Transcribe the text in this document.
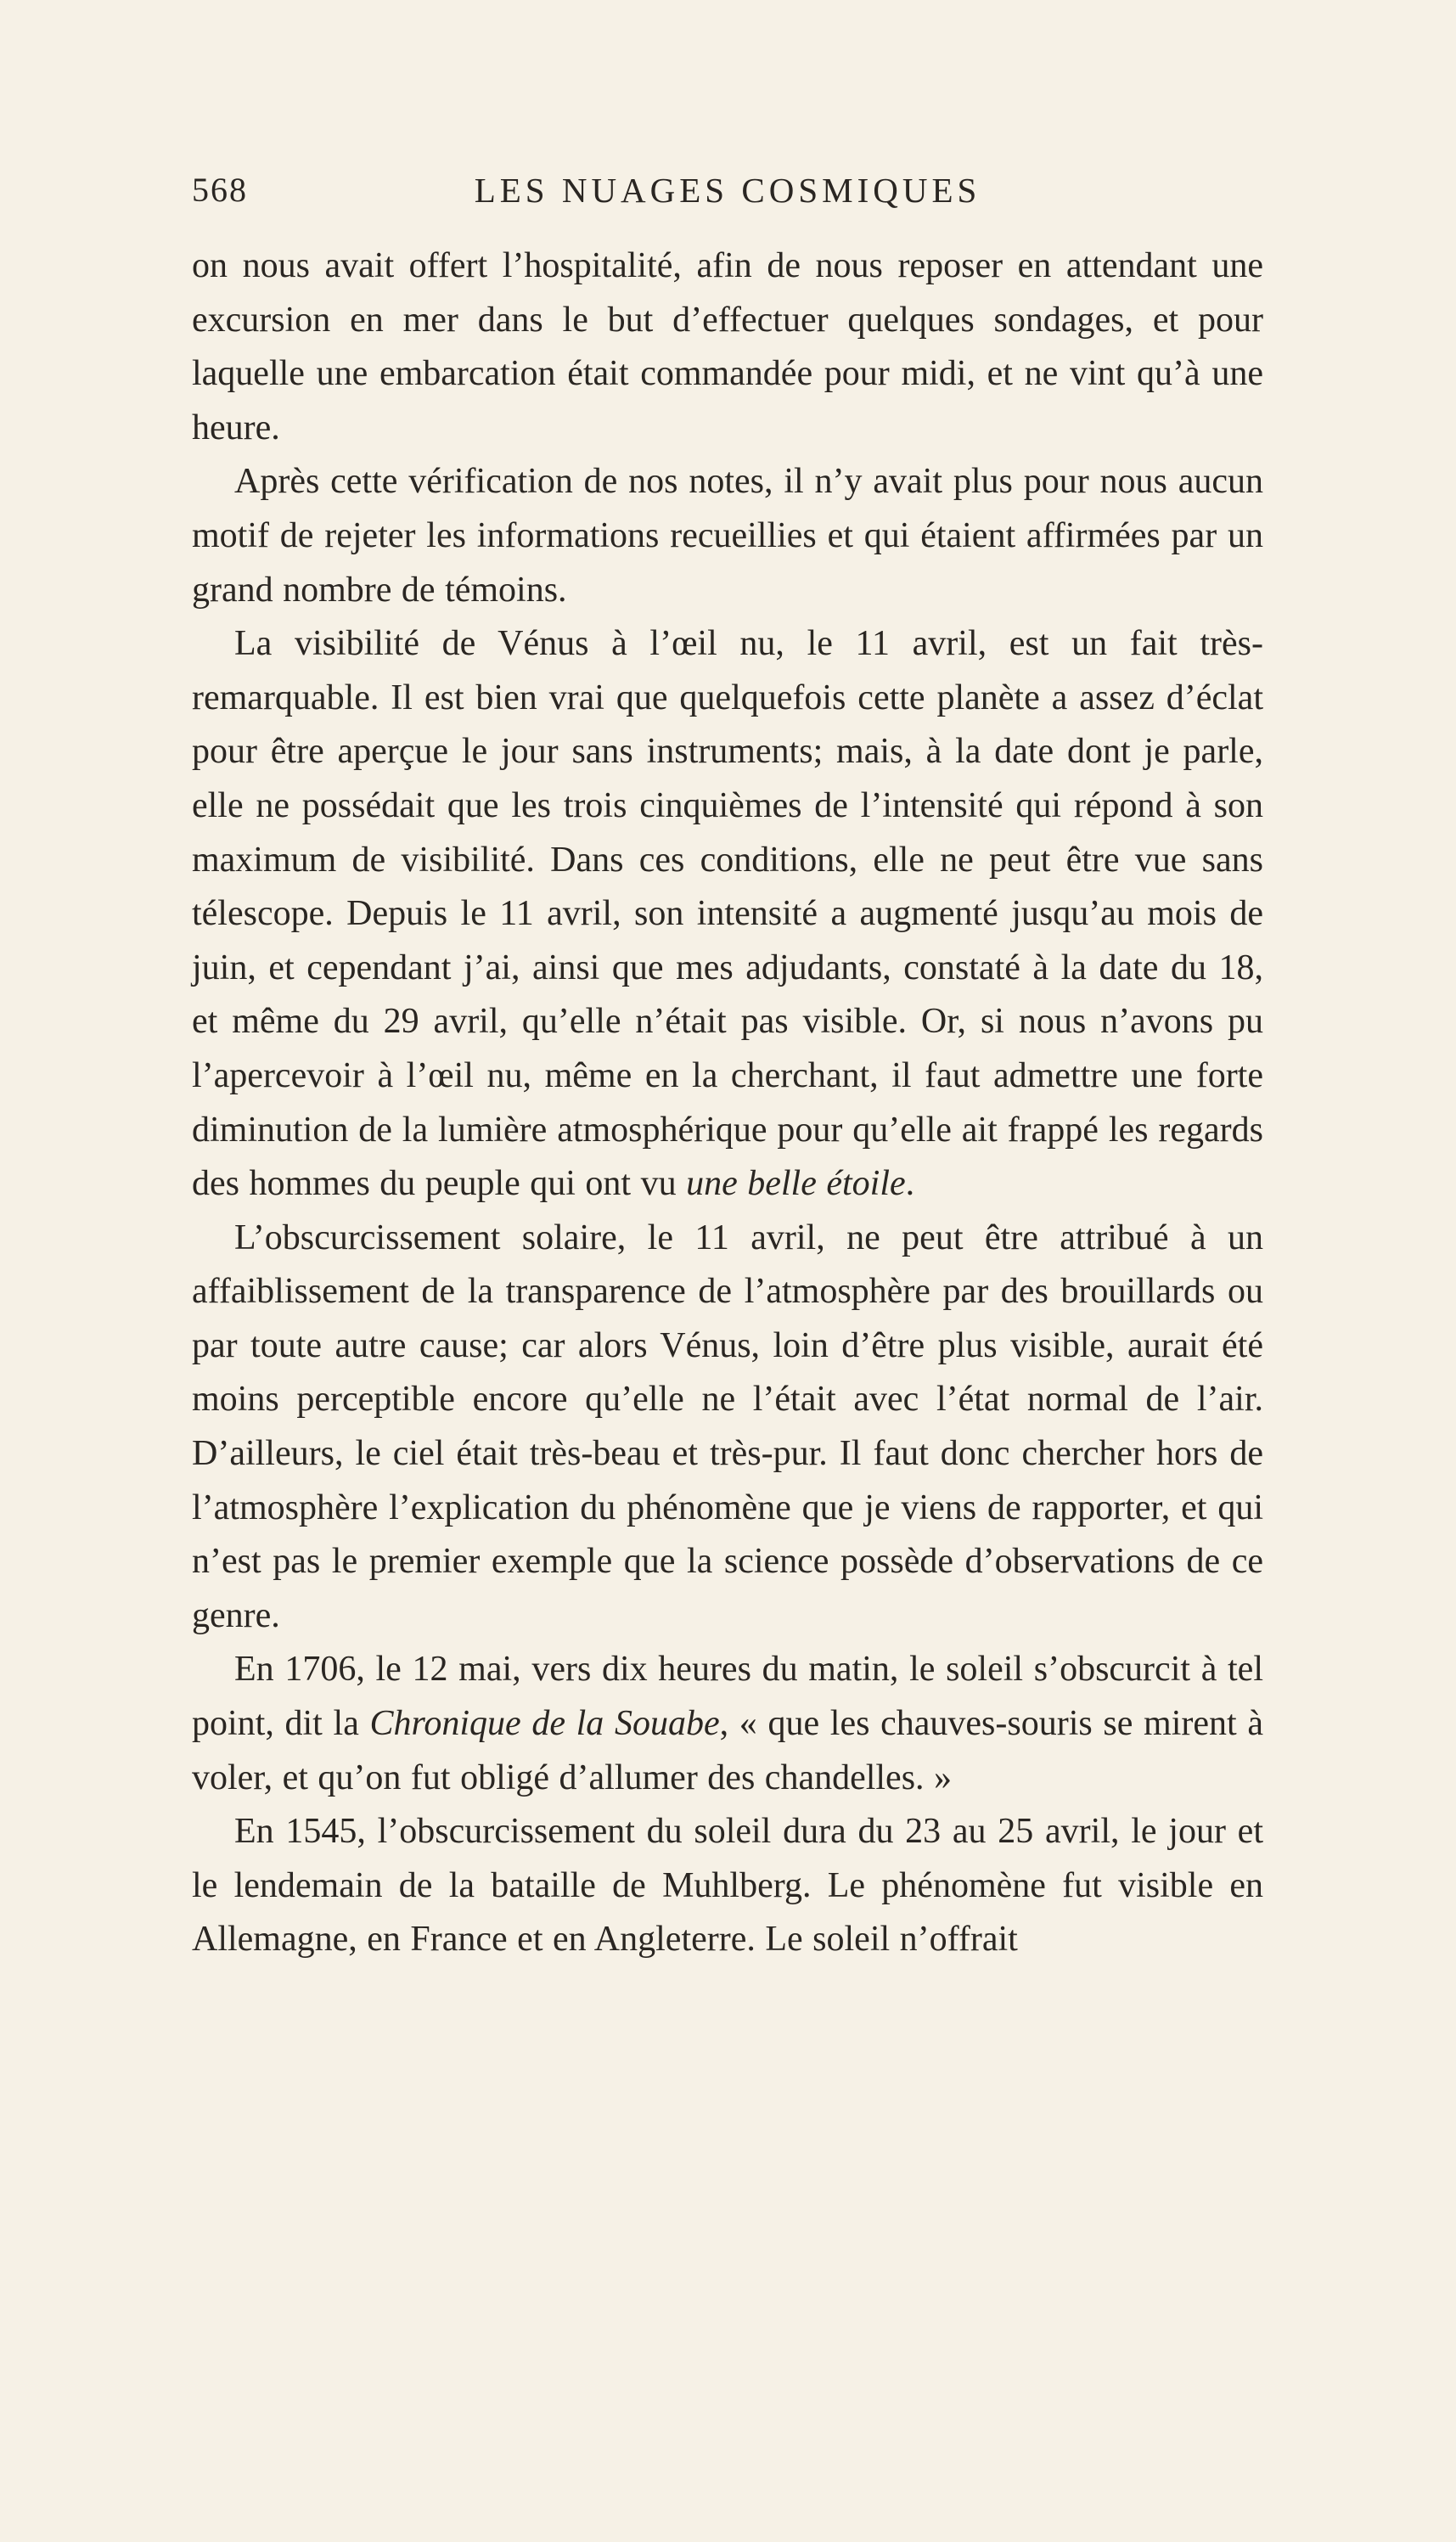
568	LES NUAGES COSMIQUES

on nous avait offert l’hospitalité, afin de nous reposer en attendant une excursion en mer dans le but d’effectuer quelques sondages, et pour laquelle une embarcation était commandée pour midi, et ne vint qu’à une heure.

Après cette vérification de nos notes, il n’y avait plus pour nous aucun motif de rejeter les informations recueillies et qui étaient affirmées par un grand nombre de témoins.

La visibilité de Vénus à l’œil nu, le 11 avril, est un fait très-remarquable. Il est bien vrai que quelquefois cette planète a assez d’éclat pour être aperçue le jour sans instruments; mais, à la date dont je parle, elle ne possédait que les trois cinquièmes de l’intensité qui répond à son maximum de visibilité. Dans ces conditions, elle ne peut être vue sans télescope. Depuis le 11 avril, son intensité a augmenté jusqu’au mois de juin, et cependant j’ai, ainsi que mes adjudants, constaté à la date du 18, et même du 29 avril, qu’elle n’était pas visible. Or, si nous n’avons pu l’apercevoir à l’œil nu, même en la cherchant, il faut admettre une forte diminution de la lumière atmosphérique pour qu’elle ait frappé les regards des hommes du peuple qui ont vu une belle étoile.

L’obscurcissement solaire, le 11 avril, ne peut être attribué à un affaiblissement de la transparence de l’atmosphère par des brouillards ou par toute autre cause; car alors Vénus, loin d’être plus visible, aurait été moins perceptible encore qu’elle ne l’était avec l’état normal de l’air. D’ailleurs, le ciel était très-beau et très-pur. Il faut donc chercher hors de l’atmosphère l’explication du phénomène que je viens de rapporter, et qui n’est pas le premier exemple que la science possède d’observations de ce genre.

En 1706, le 12 mai, vers dix heures du matin, le soleil s’obscurcit à tel point, dit la Chronique de la Souabe, « que les chauves-souris se mirent à voler, et qu’on fut obligé d’allumer des chandelles. »

En 1545, l’obscurcissement du soleil dura du 23 au 25 avril, le jour et le lendemain de la bataille de Muhlberg. Le phénomène fut visible en Allemagne, en France et en Angleterre. Le soleil n’offrait
